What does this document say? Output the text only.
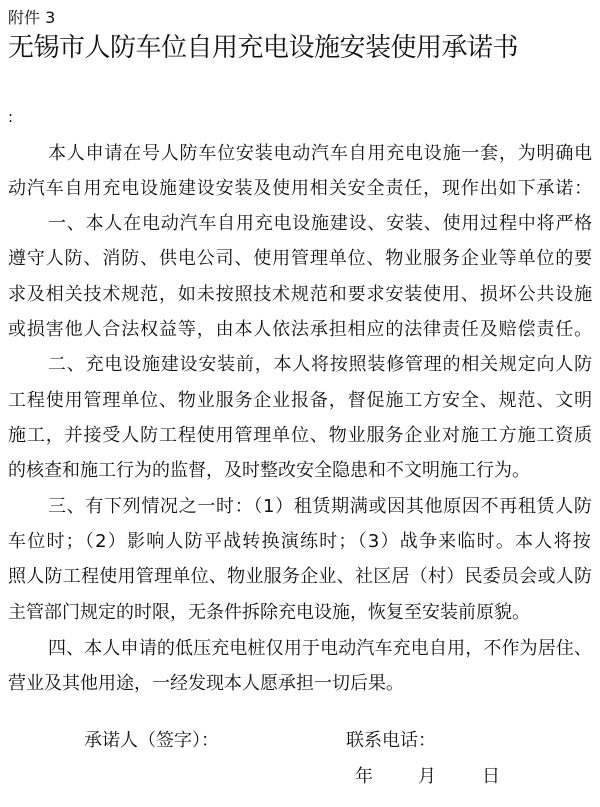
附件 3
无锡市人防车位自用充电设施安装使用承诺书
:
本人申请在号人防车位安装电动汽车自用充电设施一套，为明确电
动汽车自用充电设施建设安装及使用相关安全责任，现作出如下承诺：
一、本人在电动汽车自用充电设施建设、安装、使用过程中将严格
遵守人防、消防、供电公司、使用管理单位、物业服务企业等单位的要
求及相关技术规范，如未按照技术规范和要求安装使用、损坏公共设施
或损害他人合法权益等，由本人依法承担相应的法律责任及赔偿责任。
二、充电设施建设安装前，本人将按照装修管理的相关规定向人防
工程使用管理单位、物业服务企业报备，督促施工方安全、规范、文明
施工，并接受人防工程使用管理单位、物业服务企业对施工方施工资质
的核查和施工行为的监督，及时整改安全隐患和不文明施工行为。
三、有下列情况之一时：（1）租赁期满或因其他原因不再租赁人防
车位时；（2）影响人防平战转换演练时；（3）战争来临时。本人将按
照人防工程使用管理单位、物业服务企业、社区居（村）民委员会或人防
主管部门规定的时限，无条件拆除充电设施，恢复至安装前原貌。
四、本人申请的低压充电桩仅用于电动汽车充电自用，不作为居住、
营业及其他用途，一经发现本人愿承担一切后果。
承诺人（签字）：	联系电话：
年	月	日
